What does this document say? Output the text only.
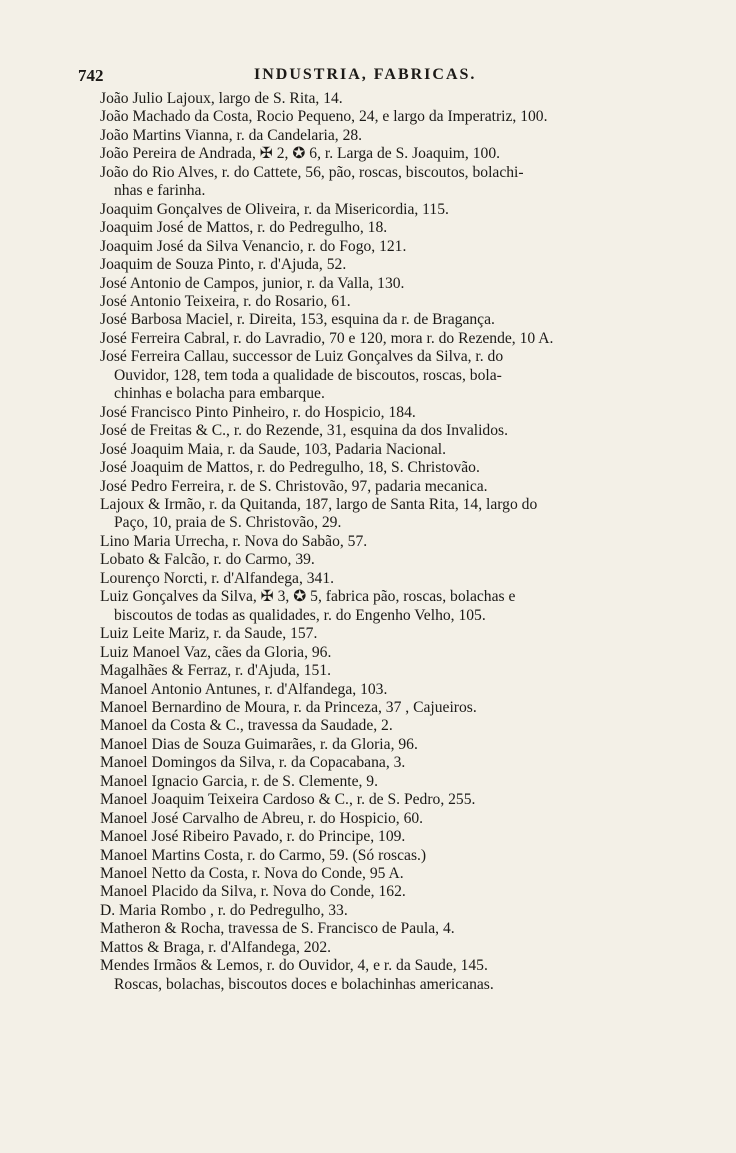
742	INDUSTRIA, FABRICAS.
João Julio Lajoux, largo de S. Rita, 14.
João Machado da Costa, Rocio Pequeno, 24, e largo da Imperatriz, 100.
João Martins Vianna, r. da Candelaria, 28.
João Pereira de Andrada, ✠ 2, ✪ 6, r. Larga de S. Joaquim, 100.
João do Rio Alves, r. do Cattete, 56, pão, roscas, biscoutos, bolachi-
nhas e farinha.
Joaquim Gonçalves de Oliveira, r. da Misericordia, 115.
Joaquim José de Mattos, r. do Pedregulho, 18.
Joaquim José da Silva Venancio, r. do Fogo, 121.
Joaquim de Souza Pinto, r. d'Ajuda, 52.
José Antonio de Campos, junior, r. da Valla, 130.
José Antonio Teixeira, r. do Rosario, 61.
José Barbosa Maciel, r. Direita, 153, esquina da r. de Bragança.
José Ferreira Cabral, r. do Lavradio, 70 e 120, mora r. do Rezende, 10 A.
José Ferreira Callau, successor de Luiz Gonçalves da Silva, r. do
Ouvidor, 128, tem toda a qualidade de biscoutos, roscas, bola-
chinhas e bolacha para embarque.
José Francisco Pinto Pinheiro, r. do Hospicio, 184.
José de Freitas & C., r. do Rezende, 31, esquina da dos Invalidos.
José Joaquim Maia, r. da Saude, 103, Padaria Nacional.
José Joaquim de Mattos, r. do Pedregulho, 18, S. Christovão.
José Pedro Ferreira, r. de S. Christovão, 97, padaria mecanica.
Lajoux & Irmão, r. da Quitanda, 187, largo de Santa Rita, 14, largo do
Paço, 10, praia de S. Christovão, 29.
Lino Maria Urrecha, r. Nova do Sabão, 57.
Lobato & Falcão, r. do Carmo, 39.
Lourenço Norcti, r. d'Alfandega, 341.
Luiz Gonçalves da Silva, ✠ 3, ✪ 5, fabrica pão, roscas, bolachas e
biscoutos de todas as qualidades, r. do Engenho Velho, 105.
Luiz Leite Mariz, r. da Saude, 157.
Luiz Manoel Vaz, cães da Gloria, 96.
Magalhães & Ferraz, r. d'Ajuda, 151.
Manoel Antonio Antunes, r. d'Alfandega, 103.
Manoel Bernardino de Moura, r. da Princeza, 37 , Cajueiros.
Manoel da Costa & C., travessa da Saudade, 2.
Manoel Dias de Souza Guimarães, r. da Gloria, 96.
Manoel Domingos da Silva, r. da Copacabana, 3.
Manoel Ignacio Garcia, r. de S. Clemente, 9.
Manoel Joaquim Teixeira Cardoso & C., r. de S. Pedro, 255.
Manoel José Carvalho de Abreu, r. do Hospicio, 60.
Manoel José Ribeiro Pavado, r. do Principe, 109.
Manoel Martins Costa, r. do Carmo, 59. (Só roscas.)
Manoel Netto da Costa, r. Nova do Conde, 95 A.
Manoel Placido da Silva, r. Nova do Conde, 162.
D. Maria Rombo , r. do Pedregulho, 33.
Matheron & Rocha, travessa de S. Francisco de Paula, 4.
Mattos & Braga, r. d'Alfandega, 202.
Mendes Irmãos & Lemos, r. do Ouvidor, 4, e r. da Saude, 145.
Roscas, bolachas, biscoutos doces e bolachinhas americanas.
